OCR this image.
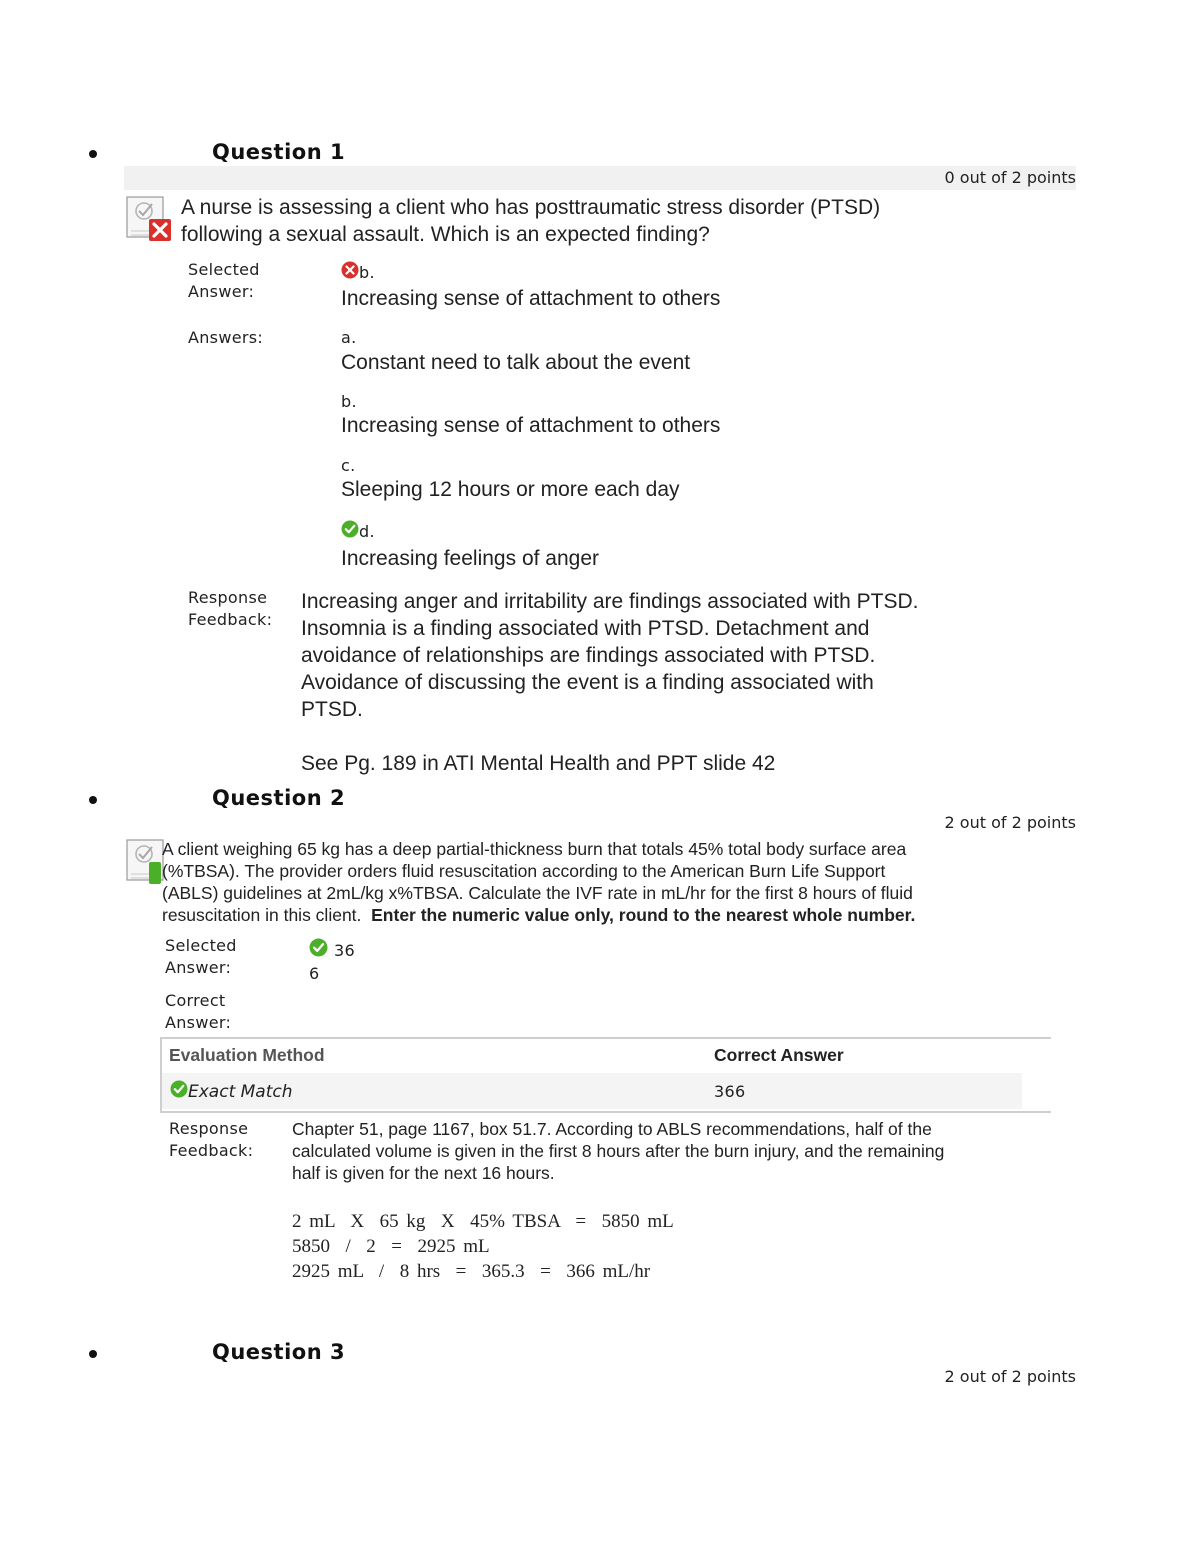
Question 1
0 out of 2 points
A nurse is assessing a client who has posttraumatic stress disorder (PTSD)
following a sexual assault. Which is an expected finding?
Selected
Answer:
b.
Increasing sense of attachment to others
Answers:	a.
Constant need to talk about the event
b.
Increasing sense of attachment to others
c.
Sleeping 12 hours or more each day
d.
Increasing feelings of anger
Response
Feedback:
Increasing anger and irritability are findings associated with PTSD.
Insomnia is a finding associated with PTSD. Detachment and
avoidance of relationships are findings associated with PTSD.
Avoidance of discussing the event is a finding associated with
PTSD.
See Pg. 189 in ATI Mental Health and PPT slide 42
Question 2
2 out of 2 points
A client weighing 65 kg has a deep partial-thickness burn that totals 45% total body surface area
(%TBSA). The provider orders fluid resuscitation according to the American Burn Life Support
(ABLS) guidelines at 2mL/kg x%TBSA. Calculate the IVF rate in mL/hr for the first 8 hours of fluid
resuscitation in this client.  Enter the numeric value only, round to the nearest whole number.
Selected
Answer:
36
6
Correct
Answer:
Evaluation Method	Correct Answer
Exact Match	366
Response
Feedback:
Chapter 51, page 1167, box 51.7. According to ABLS recommendations, half of the
calculated volume is given in the first 8 hours after the burn injury, and the remaining
half is given for the next 16 hours.
2 mL  X  65 kg  X  45% TBSA  =  5850 mL
5850  /  2  =  2925 mL
2925 mL  /  8 hrs  =  365.3  =  366 mL/hr
Question 3
2 out of 2 points
